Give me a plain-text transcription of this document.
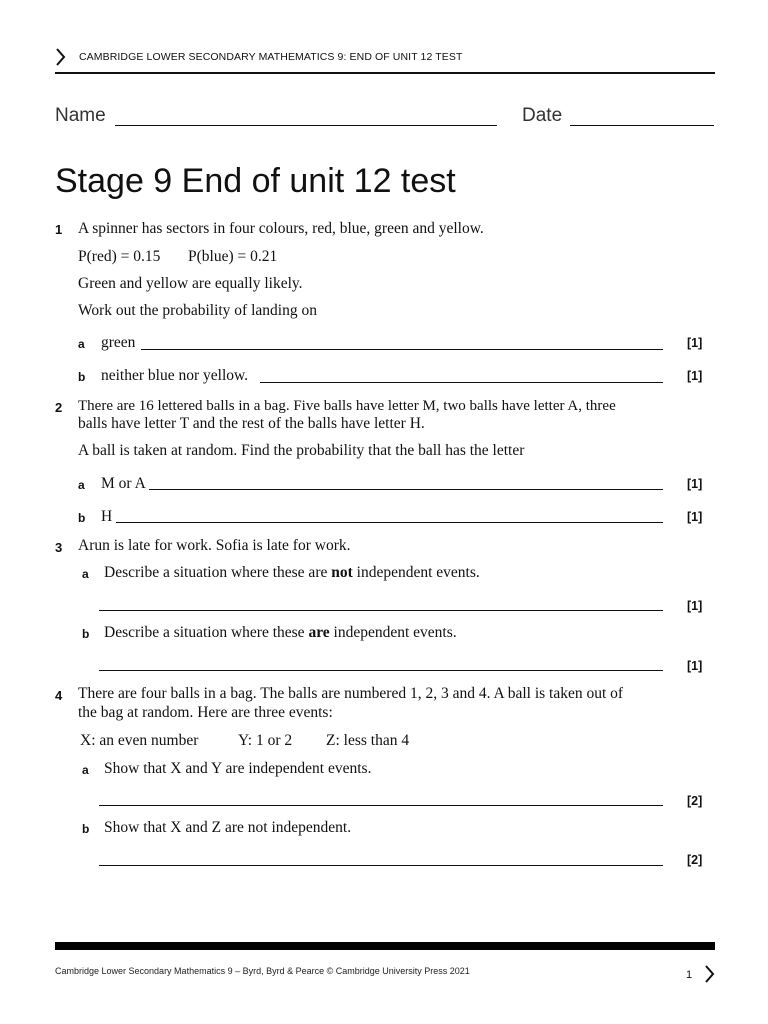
CAMBRIDGE LOWER SECONDARY MATHEMATICS 9: END OF UNIT 12 TEST
Name	Date
Stage 9 End of unit 12 test
1 A spinner has sectors in four colours, red, blue, green and yellow.
P(red) = 0.15 P(blue) = 0.21
Green and yellow are equally likely.
Work out the probability of landing on
a green	[1]
b neither blue nor yellow.	[1]
2 There are 16 lettered balls in a bag. Five balls have letter M, two balls have letter A, three
balls have letter T and the rest of the balls have letter H.
A ball is taken at random. Find the probability that the ball has the letter
a M or A	[1]
b H	[1]
3 Arun is late for work. Sofia is late for work.
a Describe a situation where these are not independent events.
[1]
b Describe a situation where these are independent events.
[1]
4 There are four balls in a bag. The balls are numbered 1, 2, 3 and 4. A ball is taken out of
the bag at random. Here are three events:
X: an even number	Y: 1 or 2 Z: less than 4
a Show that X and Y are independent events.
[2]
b Show that X and Z are not independent.
[2]
Cambridge Lower Secondary Mathematics 9 – Byrd, Byrd & Pearce © Cambridge University Press 2021	1
